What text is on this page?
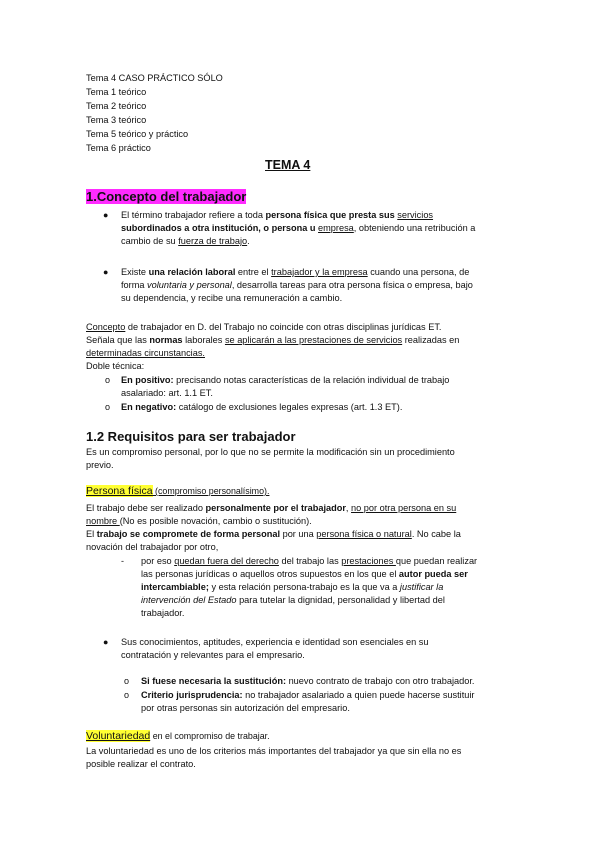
Tema 4 CASO PRÁCTICO SÓLO
Tema 1 teórico
Tema 2 teórico
Tema 3 teórico
Tema 5 teórico y práctico
Tema 6 práctico
TEMA 4
1.Concepto del trabajador
● El término trabajador refiere a toda persona física que presta sus servicios
subordinados a otra institución, o persona u empresa, obteniendo una retribución a
cambio de su fuerza de trabajo.
● Existe una relación laboral entre el trabajador y la empresa cuando una persona, de
forma voluntaria y personal, desarrolla tareas para otra persona física o empresa, bajo
su dependencia, y recibe una remuneración a cambio.
Concepto de trabajador en D. del Trabajo no coincide con otras disciplinas jurídicas ET.
Señala que las normas laborales se aplicarán a las prestaciones de servicios realizadas en
determinadas circunstancias.
Doble técnica:
o En positivo: precisando notas características de la relación individual de trabajo
asalariado: art. 1.1 ET.
o En negativo: catálogo de exclusiones legales expresas (art. 1.3 ET).
1.2 Requisitos para ser trabajador
Es un compromiso personal, por lo que no se permite la modificación sin un procedimiento
previo.
Persona física (compromiso personalísimo).
El trabajo debe ser realizado personalmente por el trabajador, no por otra persona en su
nombre (No es posible novación, cambio o sustitución).
El trabajo se compromete de forma personal por una persona física o natural. No cabe la
novación del trabajador por otro,
- por eso quedan fuera del derecho del trabajo las prestaciones que puedan realizar
las personas jurídicas o aquellos otros supuestos en los que el autor pueda ser
intercambiable; y esta relación persona-trabajo es la que va a justificar la
intervención del Estado para tutelar la dignidad, personalidad y libertad del
trabajador.
● Sus conocimientos, aptitudes, experiencia e identidad son esenciales en su
contratación y relevantes para el empresario.
o Si fuese necesaria la sustitución: nuevo contrato de trabajo con otro trabajador.
o Criterio jurisprudencia: no trabajador asalariado a quien puede hacerse sustituir
por otras personas sin autorización del empresario.
Voluntariedad en el compromiso de trabajar.
La voluntariedad es uno de los criterios más importantes del trabajador ya que sin ella no es
posible realizar el contrato.
